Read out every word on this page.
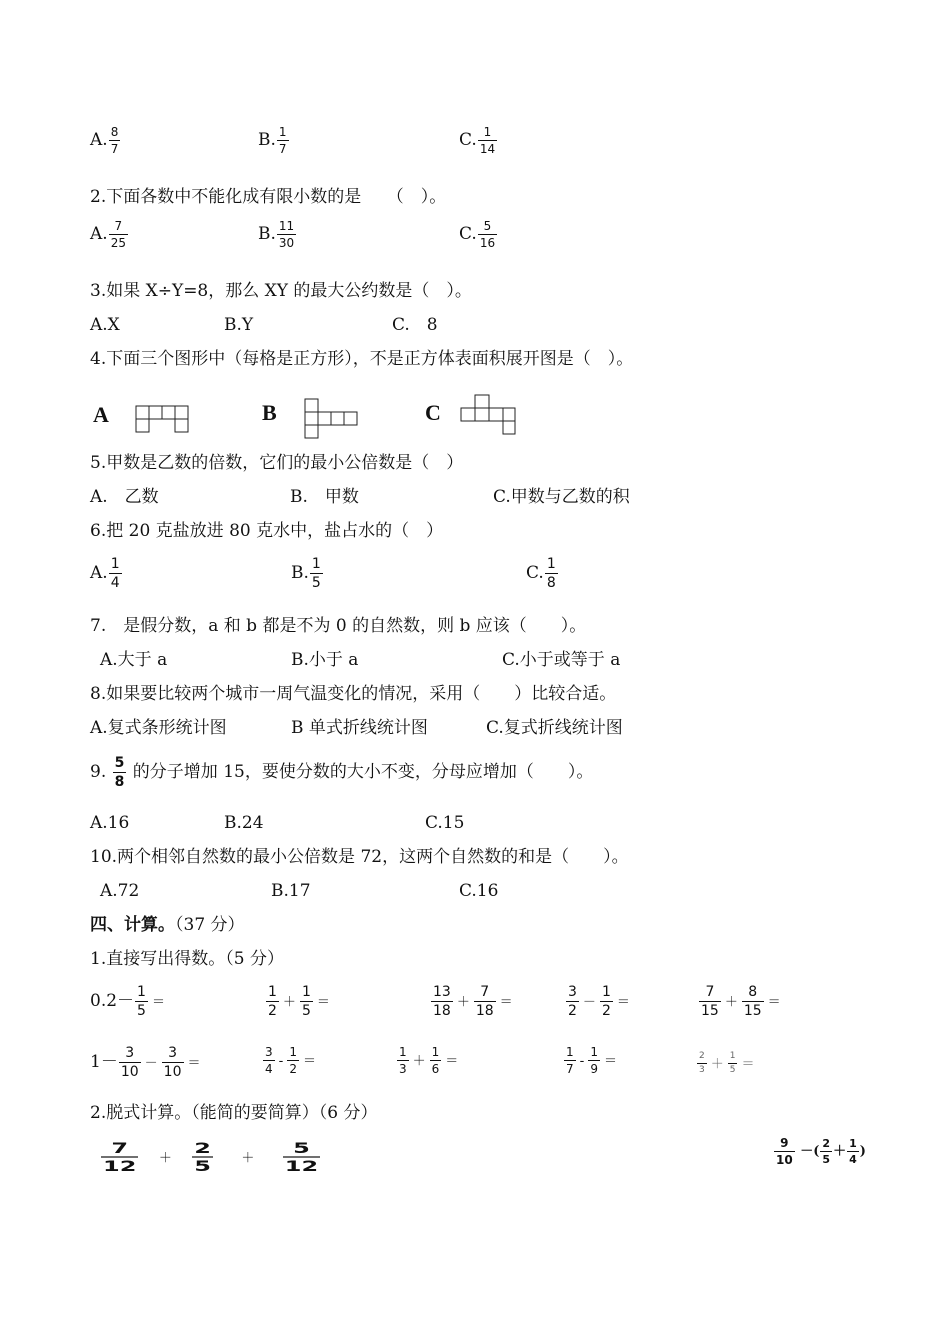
A. $\frac{8}{7}$	B. $\frac{1}{7}$	C. $\frac{1}{14}$
2.下面各数中不能化成有限小数的是　　（　）。
A. $\frac{7}{25}$	B. $\frac{11}{30}$	C. $\frac{5}{16}$
3.如果 X÷Y=8，那么 XY 的最大公约数是（　）。
A.X	B.Y	C.　8
4.下面三个图形中（每格是正方形），不是正方体表面积展开图是（　）。
A	B	C
5.甲数是乙数的倍数，它们的最小公倍数是（　）
A.　乙数	B.　甲数	C.甲数与乙数的积
6.把 20 克盐放进 80 克水中，盐占水的（　）
A. $\frac{1}{4}$	B. $\frac{1}{5}$	C. $\frac{1}{8}$
7.　是假分数，a 和 b 都是不为 0 的自然数，则 b 应该（　　）。
A.大于 a	B.小于 a	C.小于或等于 a
8.如果要比较两个城市一周气温变化的情况，采用（　　）比较合适。
A.复式条形统计图	B 单式折线统计图	C.复式折线统计图
9. $\frac{5}{8}$ 的分子增加 15，要使分数的大小不变，分母应增加（　　）。
A.16	B.24	C.15
10.两个相邻自然数的最小公倍数是 72，这两个自然数的和是（　　）。
A.72	B.17	C.16
四、计算。（37 分）
1.直接写出得数。（5 分）
$0.2- \frac{1}{5}$ ＝	$\frac{1}{2} + \frac{1}{5}$ ＝	$\frac{13}{18} + \frac{7}{18}$ ＝	$\frac{3}{2} - \frac{1}{2}$ ＝	$\frac{7}{15} + \frac{8}{15}$ ＝
$1- \frac{3}{10} - \frac{3}{10}$ ＝	$\frac{3}{4} - \frac{1}{2}$ ＝	$\frac{1}{3} + \frac{1}{6}$ ＝	$\frac{1}{7} - \frac{1}{9}$ ＝	$\frac{2}{3} + \frac{1}{5}$ ＝
2.脱式计算。（能简的要简算）（6 分）
$\frac{7}{12} + \frac{2}{5} + \frac{5}{12}$	$\frac{9}{10}$ －( $\frac{2}{5} + \frac{1}{4}$ )
